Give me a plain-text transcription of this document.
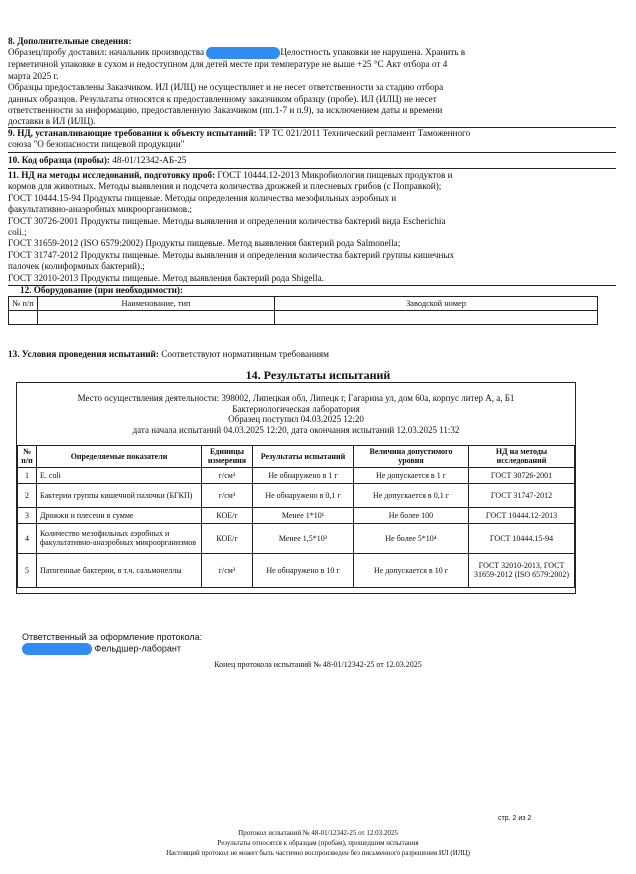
8. Дополнительные сведения:
Образец/пробу доставил: начальник производства	Целостность упаковки не нарушена. Хранить в
герметичной упаковке в сухом и недоступном для детей месте при температуре не выше +25 °С Акт отбора от 4
марта 2025 г.
Образцы предоставлены Заказчиком. ИЛ (ИЛЦ) не осуществляет и не несет ответственности за стадию отбора
данных образцов. Результаты относятся к предоставленному заказчиком образцу (пробе). ИЛ (ИЛЦ) не несет
ответственности за информацию, предоставленную Заказчиком (пп.1-7 и п.9), за исключением даты и времени
доставки в ИЛ (ИЛЦ).
9. НД, устанавливающие требования к объекту испытаний: ТР ТС 021/2011 Технический регламент Таможенного
союза "О безопасности пищевой продукции"
10. Код образца (пробы): 48-01/12342-АБ-25
11. НД на методы исследований, подготовку проб: ГОСТ 10444.12-2013 Микробиология пищевых продуктов и
кормов для животных. Методы выявления и подсчета количества дрожжей и плесневых грибов (с Поправкой);
ГОСТ 10444.15-94 Продукты пищевые. Методы определения количества мезофильных аэробных и
факультативно-анаэробных микроорганизмов.;
ГОСТ 30726-2001 Продукты пищевые. Методы выявления и определения количества бактерий вида Escherichia
coli.;
ГОСТ 31659-2012 (ISO 6579:2002) Продукты пищевые. Метод выявления бактерий рода Salmonella;
ГОСТ 31747-2012 Продукты пищевые. Методы выявления и определения количества бактерий группы кишечных
палочек (колиформных бактерий).;
ГОСТ 32010-2013 Продукты пищевые. Метод выявления бактерий рода Shigella.
12. Оборудование (при необходимости):
№ п/п	Наименование, тип	Заводской номер

13. Условия проведения испытаний: Соответствуют нормативным требованиям
14. Результаты испытаний
Место осуществления деятельности: 398002, Липецкая обл, Липецк г, Гагарина ул, дом 60а, корпус литер А, а, Б1
Бактериологическая лаборатория
Образец поступил 04.03.2025 12:20
дата начала испытаний 04.03.2025 12:20, дата окончания испытаний 12.03.2025 11:32
№ п/п	Определяемые показатели	Единицы измерения	Результаты испытаний	Величина допустимого уровня	НД на методы исследований
1	E. coli	г/см³	Не обнаружено в 1 г	Не допускается в 1 г	ГОСТ 30726-2001
2	Бактерии группы кишечной палочки (БГКП)	г/см³	Не обнаружено в 0,1 г	Не допускается в 0,1 г	ГОСТ 31747-2012
3	Дрожжи и плесени в сумме	КОЕ/г	Менее 1*10¹	Не более 100	ГОСТ 10444.12-2013
4	Количество мезофильных аэробных и факультативно-анаэробных микроорганизмов	КОЕ/г	Менее 1,5*10³	Не более 5*10⁴	ГОСТ 10444.15-94
5	Патогенные бактерии, в т.ч. сальмонеллы	г/см³	Не обнаружено в 10 г	Не допускается в 10 г	ГОСТ 32010-2013, ГОСТ 31659-2012 (ISO 6579:2002)
Ответственный за оформление протокола:
Фельдшер-лаборант
Конец протокола испытаний № 48-01/12342-25 от 12.03.2025
стр. 2 из 2
Протокол испытаний № 48-01/12342-25 от 12.03.2025
Результаты относятся к образцам (пробам), прошедшим испытания
Настоящий протокол не может быть частично воспроизведен без письменного разрешения ИЛ (ИЛЦ)
